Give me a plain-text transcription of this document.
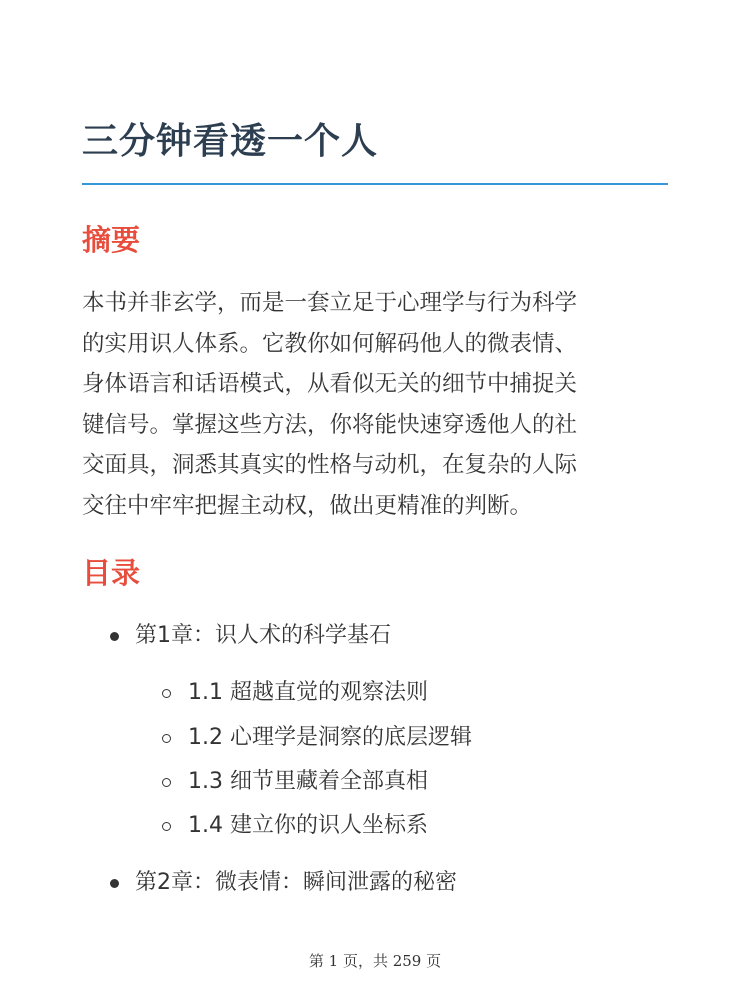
三分钟看透一个人
摘要
本书并非玄学，而是一套立足于心理学与行为科学
的实用识人体系。它教你如何解码他人的微表情、
身体语言和话语模式，从看似无关的细节中捕捉关
键信号。掌握这些方法，你将能快速穿透他人的社
交面具，洞悉其真实的性格与动机，在复杂的人际
交往中牢牢把握主动权，做出更精准的判断。
目录
第1章：识人术的科学基石
1.1 超越直觉的观察法则
1.2 心理学是洞察的底层逻辑
1.3 细节里藏着全部真相
1.4 建立你的识人坐标系
第2章：微表情：瞬间泄露的秘密
第 1 页，共 259 页
